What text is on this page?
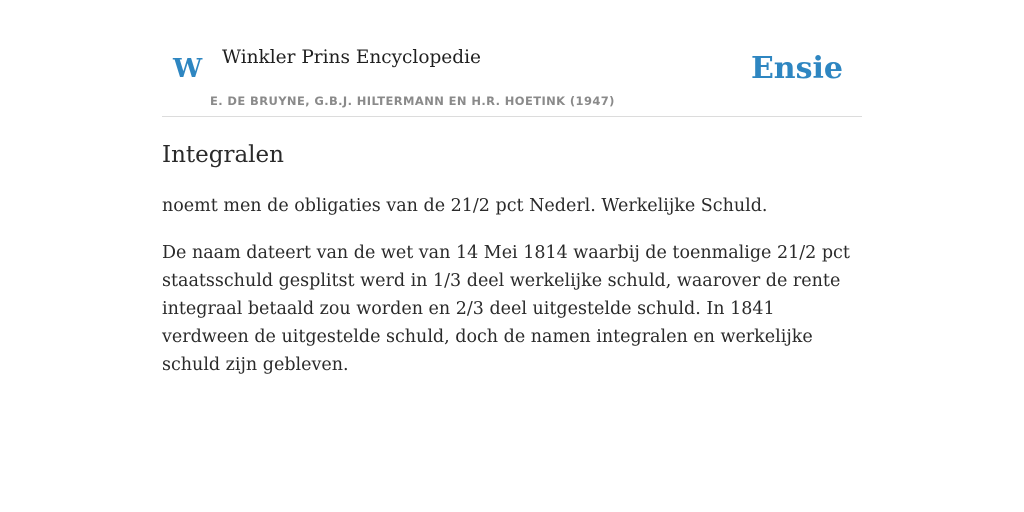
W Winkler Prins Encyclopedie
E. DE BRUYNE, G.B.J. HILTERMANN EN H.R. HOETINK (1947)
Ensie
Integralen

noemt men de obligaties van de 21/2 pct Nederl. Werkelijke Schuld.

De naam dateert van de wet van 14 Mei 1814 waarbij de toenmalige 21/2 pct staatsschuld gesplitst werd in 1/3 deel werkelijke schuld, waarover de rente integraal betaald zou worden en 2/3 deel uitgestelde schuld. In 1841 verdween de uitgestelde schuld, doch de namen integralen en werkelijke schuld zijn gebleven.
